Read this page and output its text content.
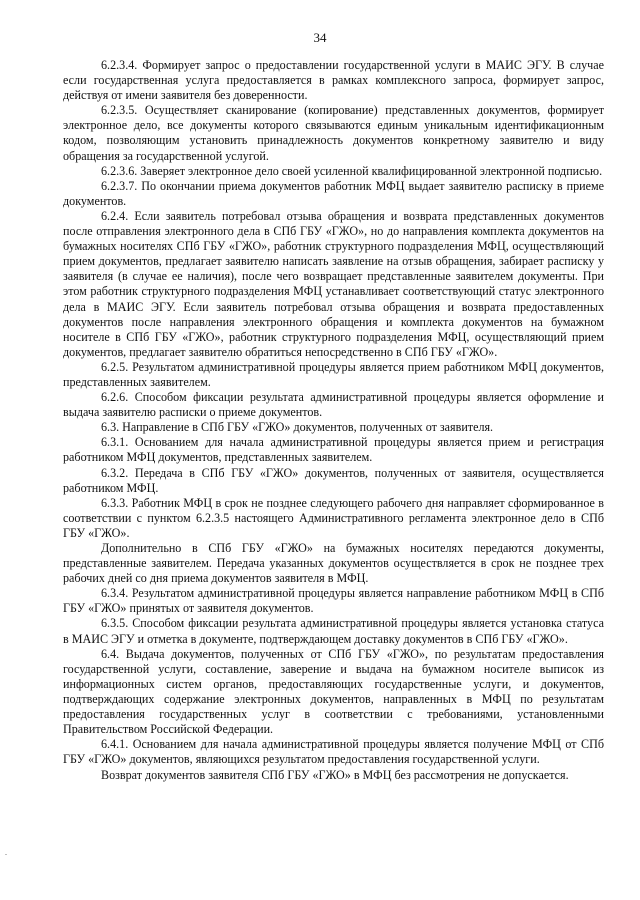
34

6.2.3.4. Формирует запрос о предоставлении государственной услуги в МАИС ЭГУ. В случае если государственная услуга предоставляется в рамках комплексного запроса, формирует запрос, действуя от имени заявителя без доверенности.

6.2.3.5. Осуществляет сканирование (копирование) представленных документов, формирует электронное дело, все документы которого связываются единым уникальным идентификационным кодом, позволяющим установить принадлежность документов конкретному заявителю и виду обращения за государственной услугой.

6.2.3.6. Заверяет электронное дело своей усиленной квалифицированной электронной подписью.

6.2.3.7. По окончании приема документов работник МФЦ выдает заявителю расписку в приеме документов.

6.2.4. Если заявитель потребовал отзыва обращения и возврата представленных документов после отправления электронного дела в СПб ГБУ «ГЖО», но до направления комплекта документов на бумажных носителях СПб ГБУ «ГЖО», работник структурного подразделения МФЦ, осуществляющий прием документов, предлагает заявителю написать заявление на отзыв обращения, забирает расписку у заявителя (в случае ее наличия), после чего возвращает представленные заявителем документы. При этом работник структурного подразделения МФЦ устанавливает соответствующий статус электронного дела в МАИС ЭГУ. Если заявитель потребовал отзыва обращения и возврата предоставленных документов после направления электронного обращения и комплекта документов на бумажном носителе в СПб ГБУ «ГЖО», работник структурного подразделения МФЦ, осуществляющий прием документов, предлагает заявителю обратиться непосредственно в СПб ГБУ «ГЖО».

6.2.5. Результатом административной процедуры является прием работником МФЦ документов, представленных заявителем.

6.2.6. Способом фиксации результата административной процедуры является оформление и выдача заявителю расписки о приеме документов.

6.3. Направление в СПб ГБУ «ГЖО» документов, полученных от заявителя.

6.3.1. Основанием для начала административной процедуры является прием и регистрация работником МФЦ документов, представленных заявителем.

6.3.2. Передача в СПб ГБУ «ГЖО» документов, полученных от заявителя, осуществляется работником МФЦ.

6.3.3. Работник МФЦ в срок не позднее следующего рабочего дня направляет сформированное в соответствии с пунктом 6.2.3.5 настоящего Административного регламента электронное дело в СПб ГБУ «ГЖО».

Дополнительно в СПб ГБУ «ГЖО» на бумажных носителях передаются документы, представленные заявителем. Передача указанных документов осуществляется в срок не позднее трех рабочих дней со дня приема документов заявителя в МФЦ.

6.3.4. Результатом административной процедуры является направление работником МФЦ в СПб ГБУ «ГЖО» принятых от заявителя документов.

6.3.5. Способом фиксации результата административной процедуры является установка статуса в МАИС ЭГУ и отметка в документе, подтверждающем доставку документов в СПб ГБУ «ГЖО».

6.4. Выдача документов, полученных от СПб ГБУ «ГЖО», по результатам предоставления государственной услуги, составление, заверение и выдача на бумажном носителе выписок из информационных систем органов, предоставляющих государственные услуги, и документов, подтверждающих содержание электронных документов, направленных в МФЦ по результатам предоставления государственных услуг в соответствии с требованиями, установленными Правительством Российской Федерации.

6.4.1. Основанием для начала административной процедуры является получение МФЦ от СПб ГБУ «ГЖО» документов, являющихся результатом предоставления государственной услуги.

Возврат документов заявителя СПб ГБУ «ГЖО» в МФЦ без рассмотрения не допускается.

.
